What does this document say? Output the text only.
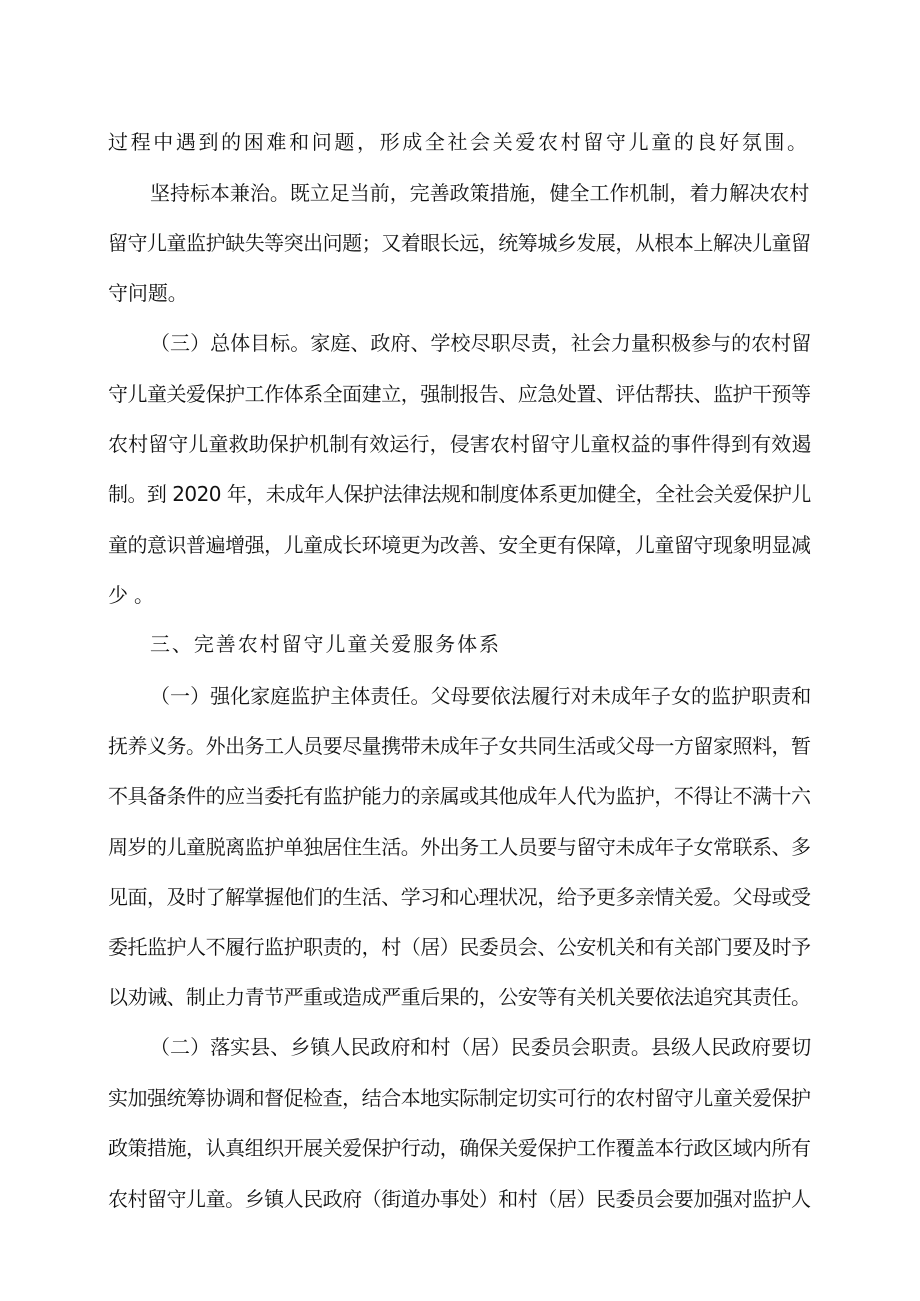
过程中遇到的困难和问题，形成全社会关爱农村留守儿童的良好氛围。
坚持标本兼治。既立足当前，完善政策措施，健全工作机制，着力解决农村
留守儿童监护缺失等突出问题；又着眼长远，统筹城乡发展，从根本上解决儿童留
守问题。
（三）总体目标。家庭、政府、学校尽职尽责，社会力量积极参与的农村留
守儿童关爱保护工作体系全面建立，强制报告、应急处置、评估帮扶、监护干预等
农村留守儿童救助保护机制有效运行，侵害农村留守儿童权益的事件得到有效遏
制。到 2020 年，未成年人保护法律法规和制度体系更加健全，全社会关爱保护儿
童的意识普遍增强，儿童成长环境更为改善、安全更有保障，儿童留守现象明显减
少。
三、完善农村留守儿童关爱服务体系
（一）强化家庭监护主体责任。父母要依法履行对未成年子女的监护职责和
抚养义务。外出务工人员要尽量携带未成年子女共同生活或父母一方留家照料，暂
不具备条件的应当委托有监护能力的亲属或其他成年人代为监护，不得让不满十六
周岁的儿童脱离监护单独居住生活。外出务工人员要与留守未成年子女常联系、多
见面，及时了解掌握他们的生活、学习和心理状况，给予更多亲情关爱。父母或受
委托监护人不履行监护职责的，村（居）民委员会、公安机关和有关部门要及时予
以劝诫、制止力青节严重或造成严重后果的，公安等有关机关要依法追究其责任。
（二）落实县、乡镇人民政府和村（居）民委员会职责。县级人民政府要切
实加强统筹协调和督促检查，结合本地实际制定切实可行的农村留守儿童关爱保护
政策措施，认真组织开展关爱保护行动，确保关爱保护工作覆盖本行政区域内所有
农村留守儿童。乡镇人民政府（街道办事处）和村（居）民委员会要加强对监护人
